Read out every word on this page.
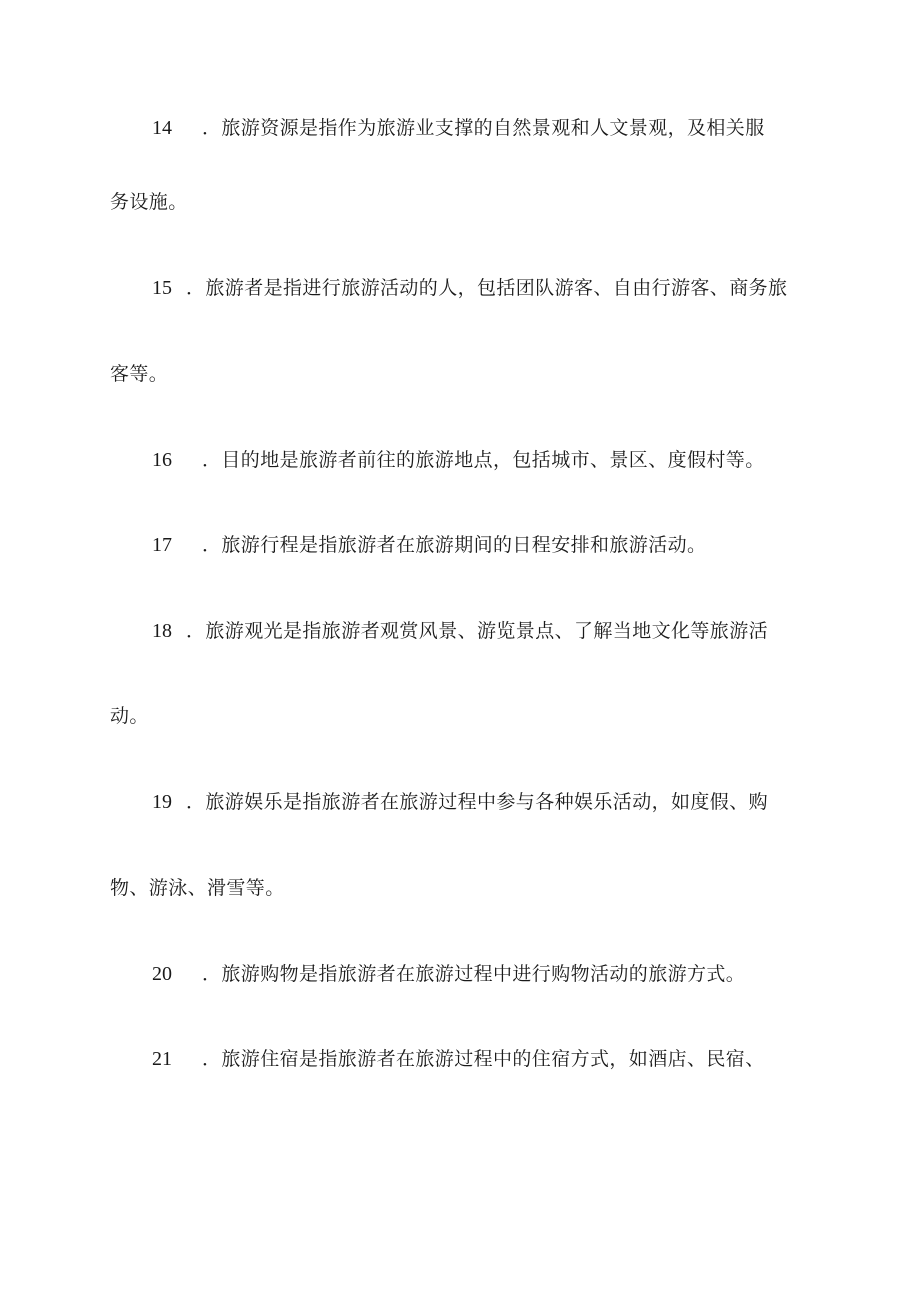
14 ．旅游资源是指作为旅游业支撑的自然景观和人文景观，及相关服
务设施。
15 ．旅游者是指进行旅游活动的人，包括团队游客、自由行游客、商务旅
客等。
16 ．目的地是旅游者前往的旅游地点，包括城市、景区、度假村等。
17 ．旅游行程是指旅游者在旅游期间的日程安排和旅游活动。
18 ．旅游观光是指旅游者观赏风景、游览景点、了解当地文化等旅游活
动。
19 ．旅游娱乐是指旅游者在旅游过程中参与各种娱乐活动，如度假、购
物、游泳、滑雪等。
20 ．旅游购物是指旅游者在旅游过程中进行购物活动的旅游方式。
21 ．旅游住宿是指旅游者在旅游过程中的住宿方式，如酒店、民宿、
